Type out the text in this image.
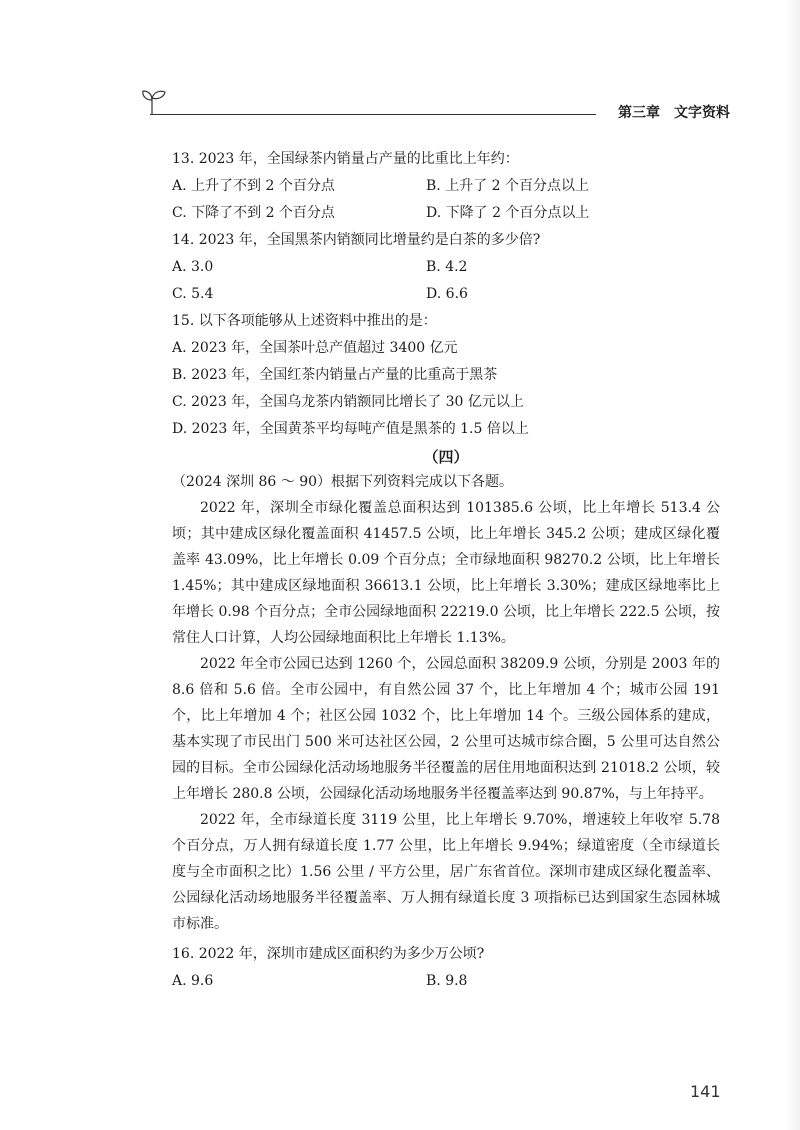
第三章　文字资料
13. 2023 年，全国绿茶内销量占产量的比重比上年约：
A. 上升了不到 2 个百分点	B. 上升了 2 个百分点以上
C. 下降了不到 2 个百分点	D. 下降了 2 个百分点以上
14. 2023 年，全国黑茶内销额同比增量约是白茶的多少倍?
A. 3.0	B. 4.2
C. 5.4	D. 6.6
15. 以下各项能够从上述资料中推出的是：
A. 2023 年，全国茶叶总产值超过 3400 亿元
B. 2023 年，全国红茶内销量占产量的比重高于黑茶
C. 2023 年，全国乌龙茶内销额同比增长了 30 亿元以上
D. 2023 年，全国黄茶平均每吨产值是黑茶的 1.5 倍以上
（四）
（2024 深圳 86 ～ 90）根据下列资料完成以下各题。
2022 年，深圳全市绿化覆盖总面积达到 101385.6 公顷，比上年增长 513.4 公顷；其中建成区绿化覆盖面积 41457.5 公顷，比上年增长 345.2 公顷；建成区绿化覆盖率 43.09%，比上年增长 0.09 个百分点；全市绿地面积 98270.2 公顷，比上年增长 1.45%；其中建成区绿地面积 36613.1 公顷，比上年增长 3.30%；建成区绿地率比上年增长 0.98 个百分点；全市公园绿地面积 22219.0 公顷，比上年增长 222.5 公顷，按常住人口计算，人均公园绿地面积比上年增长 1.13%。
2022 年全市公园已达到 1260 个，公园总面积 38209.9 公顷，分别是 2003 年的 8.6 倍和 5.6 倍。全市公园中，有自然公园 37 个，比上年增加 4 个；城市公园 191 个，比上年增加 4 个；社区公园 1032 个，比上年增加 14 个。三级公园体系的建成，基本实现了市民出门 500 米可达社区公园，2 公里可达城市综合圈，5 公里可达自然公园的目标。全市公园绿化活动场地服务半径覆盖的居住用地面积达到 21018.2 公顷，较上年增长 280.8 公顷，公园绿化活动场地服务半径覆盖率达到 90.87%，与上年持平。
2022 年，全市绿道长度 3119 公里，比上年增长 9.70%，增速较上年收窄 5.78 个百分点，万人拥有绿道长度 1.77 公里，比上年增长 9.94%；绿道密度（全市绿道长度与全市面积之比）1.56 公里 / 平方公里，居广东省首位。深圳市建成区绿化覆盖率、公园绿化活动场地服务半径覆盖率、万人拥有绿道长度 3 项指标已达到国家生态园林城市标准。
16. 2022 年，深圳市建成区面积约为多少万公顷?
A. 9.6	B. 9.8
141
